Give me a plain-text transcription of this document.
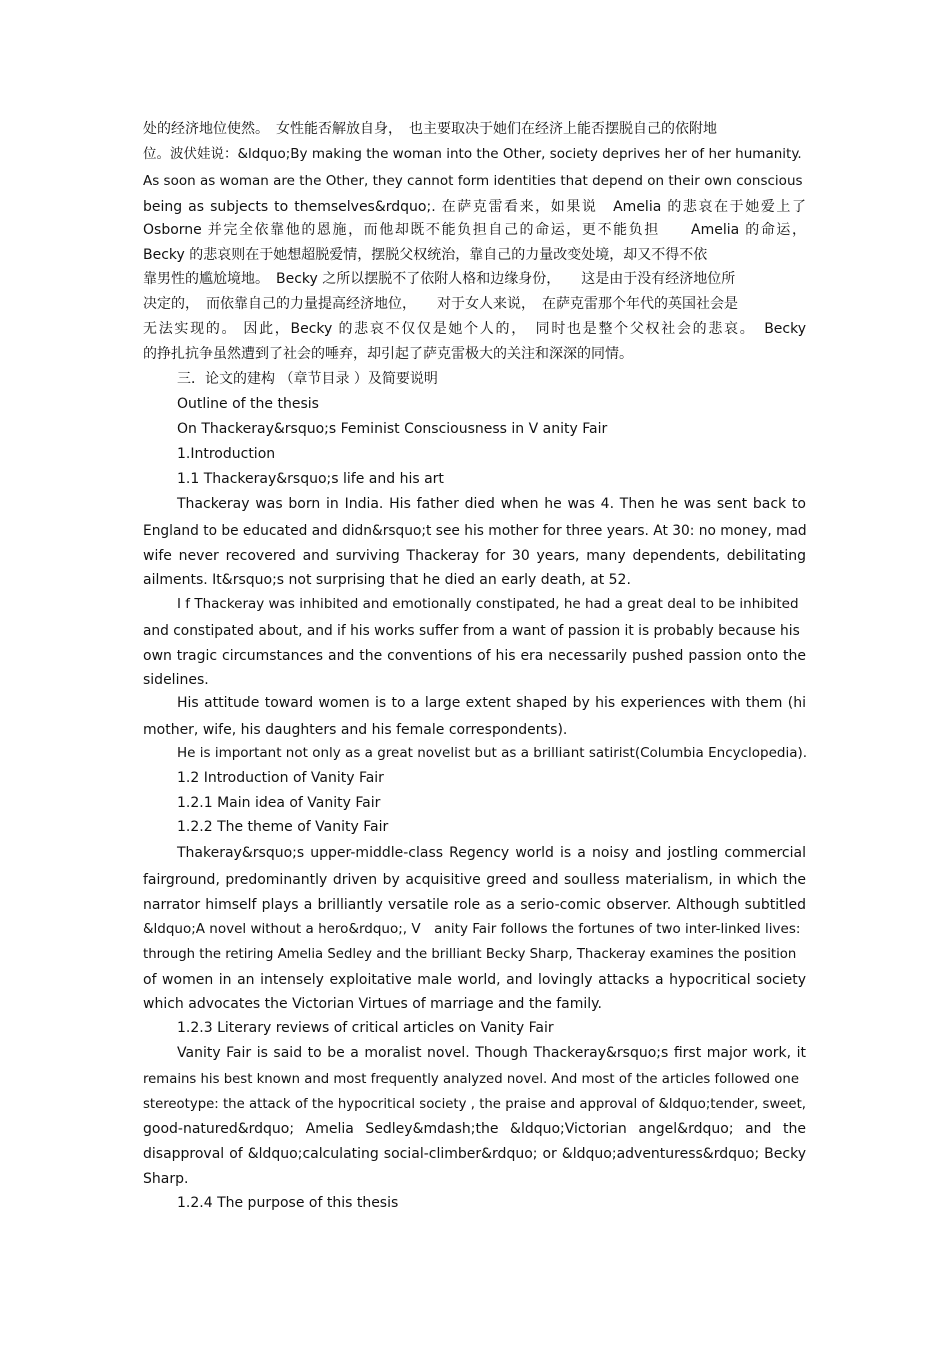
处的经济地位使然。　女性能否解放自身，　也主要取决于她们在经济上能否摆脱自己的依附地
位。波伏娃说：&ldquo;By making the woman into the Other, society deprives her of her humanity.
As soon as woman are the Other, they cannot form identities that depend on their own conscious
being as subjects to themselves&rdquo;. 在萨克雷看来，如果说　Amelia 的悲哀在于她爱上了
Osborne 并完全依靠他的恩施，而他却既不能负担自己的命运，更不能负担　　Amelia 的命运，
Becky 的悲哀则在于她想超脱爱情，摆脱父权统治，靠自己的力量改变处境，却又不得不依
靠男性的尴尬境地。　Becky 之所以摆脱不了依附人格和边缘身份，　　这是由于没有经济地位所
决定的，　而依靠自己的力量提高经济地位，　　对于女人来说，　在萨克雷那个年代的英国社会是
无法实现的。 因此，Becky 的悲哀不仅仅是她个人的，　同时也是整个父权社会的悲哀。　Becky
的挣扎抗争虽然遭到了社会的唾弃，却引起了萨克雷极大的关注和深深的同情。
三．论文的建构 （章节目录 ）及简要说明
Outline of the thesis
On Thackeray&rsquo;s Feminist Consciousness in V anity Fair
1.Introduction
1.1 Thackeray&rsquo;s life and his art
Thackeray was born in India. His father died when he was 4. Then he was sent back to
England to be educated and didn&rsquo;t see his mother for three years. At 30: no money, mad
wife never recovered and surviving Thackeray for 30 years, many dependents, debilitating
ailments. It&rsquo;s not surprising that he died an early death, at 52.
I f Thackeray was inhibited and emotionally constipated, he had a great deal to be inhibited
and constipated about, and if his works suffer from a want of passion it is probably because his
own tragic circumstances and the conventions of his era necessarily pushed passion onto the
sidelines.
His attitude toward women is to a large extent shaped by his experiences with them (hi
mother, wife, his daughters and his female correspondents).
He is important not only as a great novelist but as a brilliant satirist(Columbia Encyclopedia).
1.2 Introduction of Vanity Fair
1.2.1 Main idea of Vanity Fair
1.2.2 The theme of Vanity Fair
Thakeray&rsquo;s upper-middle-class Regency world is a noisy and jostling commercial
fairground, predominantly driven by acquisitive greed and soulless materialism, in which the
narrator himself plays a brilliantly versatile role as a serio-comic observer. Although subtitled
&ldquo;A novel without a hero&rdquo;, V　anity Fair follows the fortunes of two inter-linked lives:
through the retiring Amelia Sedley and the brilliant Becky Sharp, Thackeray examines the position
of women in an intensely exploitative male world, and lovingly attacks a hypocritical society
which advocates the Victorian Virtues of marriage and the family.
1.2.3 Literary reviews of critical articles on Vanity Fair
Vanity Fair is said to be a moralist novel. Though Thackeray&rsquo;s first major work, it
remains his best known and most frequently analyzed novel. And most of the articles followed one
stereotype: the attack of the hypocritical society , the praise and approval of &ldquo;tender, sweet,
good-natured&rdquo; Amelia Sedley&mdash;the &ldquo;Victorian angel&rdquo; and the
disapproval of &ldquo;calculating social-climber&rdquo; or &ldquo;adventuress&rdquo; Becky
Sharp.
1.2.4 The purpose of this thesis
